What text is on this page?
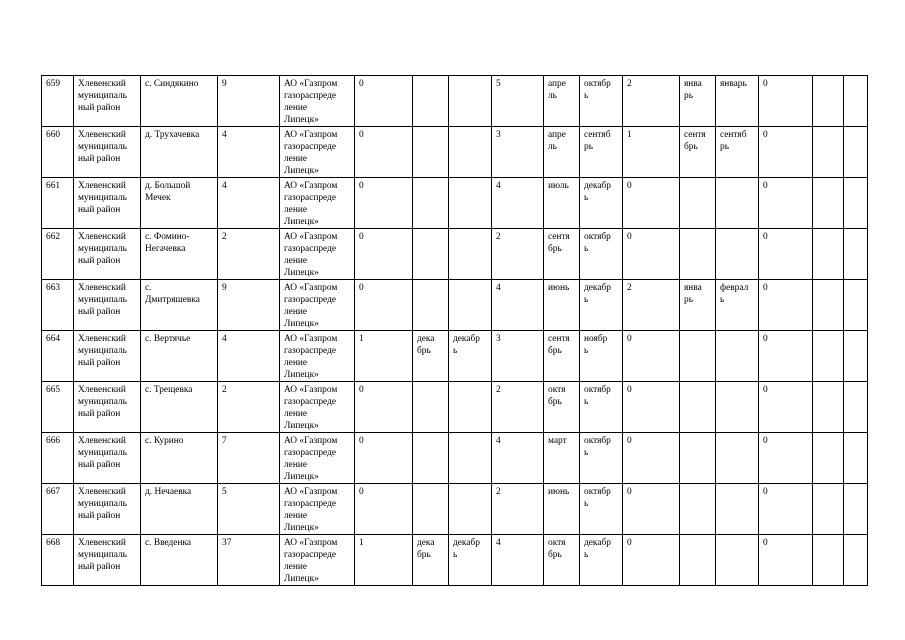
659	Хлевенский
муниципаль
ный район	с. Синдякино	9	АО «Газпром
газораспреде
ление
Липецк»	0			5	апре
ль	октябр
ь	2	янва
рь	январь	0		
660	Хлевенский
муниципаль
ный район	д. Трухачевка	4	АО «Газпром
газораспреде
ление
Липецк»	0			3	апре
ль	сентяб
рь	1	сентя
брь	сентяб
рь	0		
661	Хлевенский
муниципаль
ный район	д. Большой
Мечек	4	АО «Газпром
газораспреде
ление
Липецк»	0			4	июль	декабр
ь	0			0		
662	Хлевенский
муниципаль
ный район	с. Фомино-
Негачевка	2	АО «Газпром
газораспреде
ление
Липецк»	0			2	сентя
брь	октябр
ь	0			0		
663	Хлевенский
муниципаль
ный район	с.
Дмитряшевка	9	АО «Газпром
газораспреде
ление
Липецк»	0			4	июнь	декабр
ь	2	янва
рь	феврал
ь	0		
664	Хлевенский
муниципаль
ный район	с. Вертячье	4	АО «Газпром
газораспреде
ление
Липецк»	1	дека
брь	декабр
ь	3	сентя
брь	ноябр
ь	0			0		
665	Хлевенский
муниципаль
ный район	с. Трещевка	2	АО «Газпром
газораспреде
ление
Липецк»	0			2	октя
брь	октябр
ь	0			0		
666	Хлевенский
муниципаль
ный район	с. Курино	7	АО «Газпром
газораспреде
ление
Липецк»	0			4	март	октябр
ь	0			0		
667	Хлевенский
муниципаль
ный район	д. Нечаевка	5	АО «Газпром
газораспреде
ление
Липецк»	0			2	июнь	октябр
ь	0			0		
668	Хлевенский
муниципаль
ный район	с. Введенка	37	АО «Газпром
газораспреде
ление
Липецк»	1	дека
брь	декабр
ь	4	октя
брь	декабр
ь	0			0		
